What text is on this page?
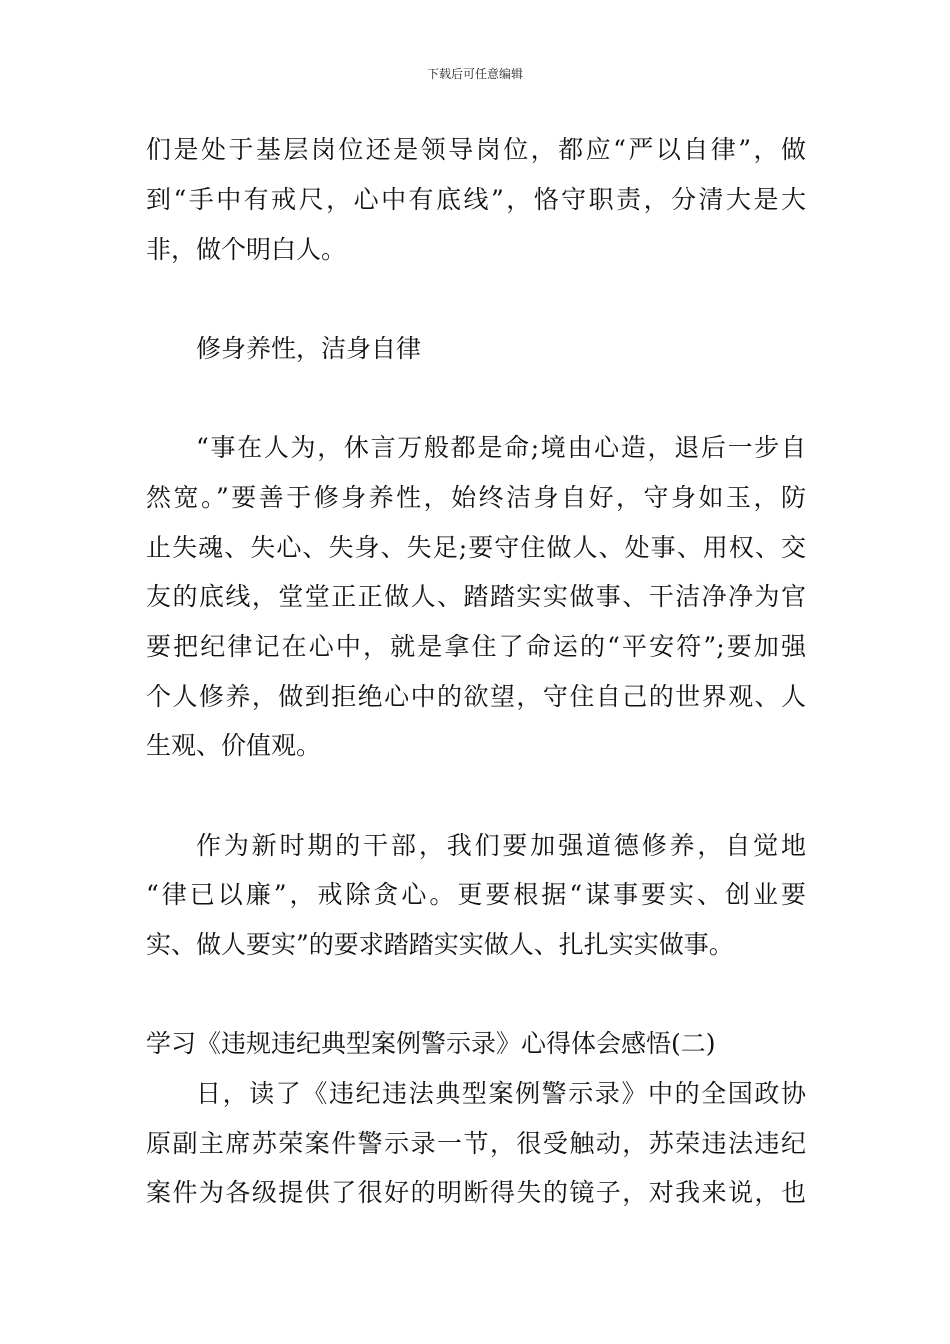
下载后可任意编辑
们是处于基层岗位还是领导岗位，都应“严以自律”，做
到“手中有戒尺，心中有底线”，恪守职责，分清大是大
非，做个明白人。
修身养性，洁身自律
“事在人为，休言万般都是命;境由心造，退后一步自
然宽。”要善于修身养性，始终洁身自好，守身如玉，防
止失魂、失心、失身、失足;要守住做人、处事、用权、交
友的底线，堂堂正正做人、踏踏实实做事、干洁净净为官
要把纪律记在心中，就是拿住了命运的“平安符”;要加强
个人修养，做到拒绝心中的欲望，守住自己的世界观、人
生观、价值观。
作为新时期的干部，我们要加强道德修养，自觉地
“律已以廉”，戒除贪心。更要根据“谋事要实、创业要
实、做人要实”的要求踏踏实实做人、扎扎实实做事。
学习《违规违纪典型案例警示录》心得体会感悟(二)
日，读了《违纪违法典型案例警示录》中的全国政协
原副主席苏荣案件警示录一节，很受触动，苏荣违法违纪
案件为各级提供了很好的明断得失的镜子，对我来说，也
